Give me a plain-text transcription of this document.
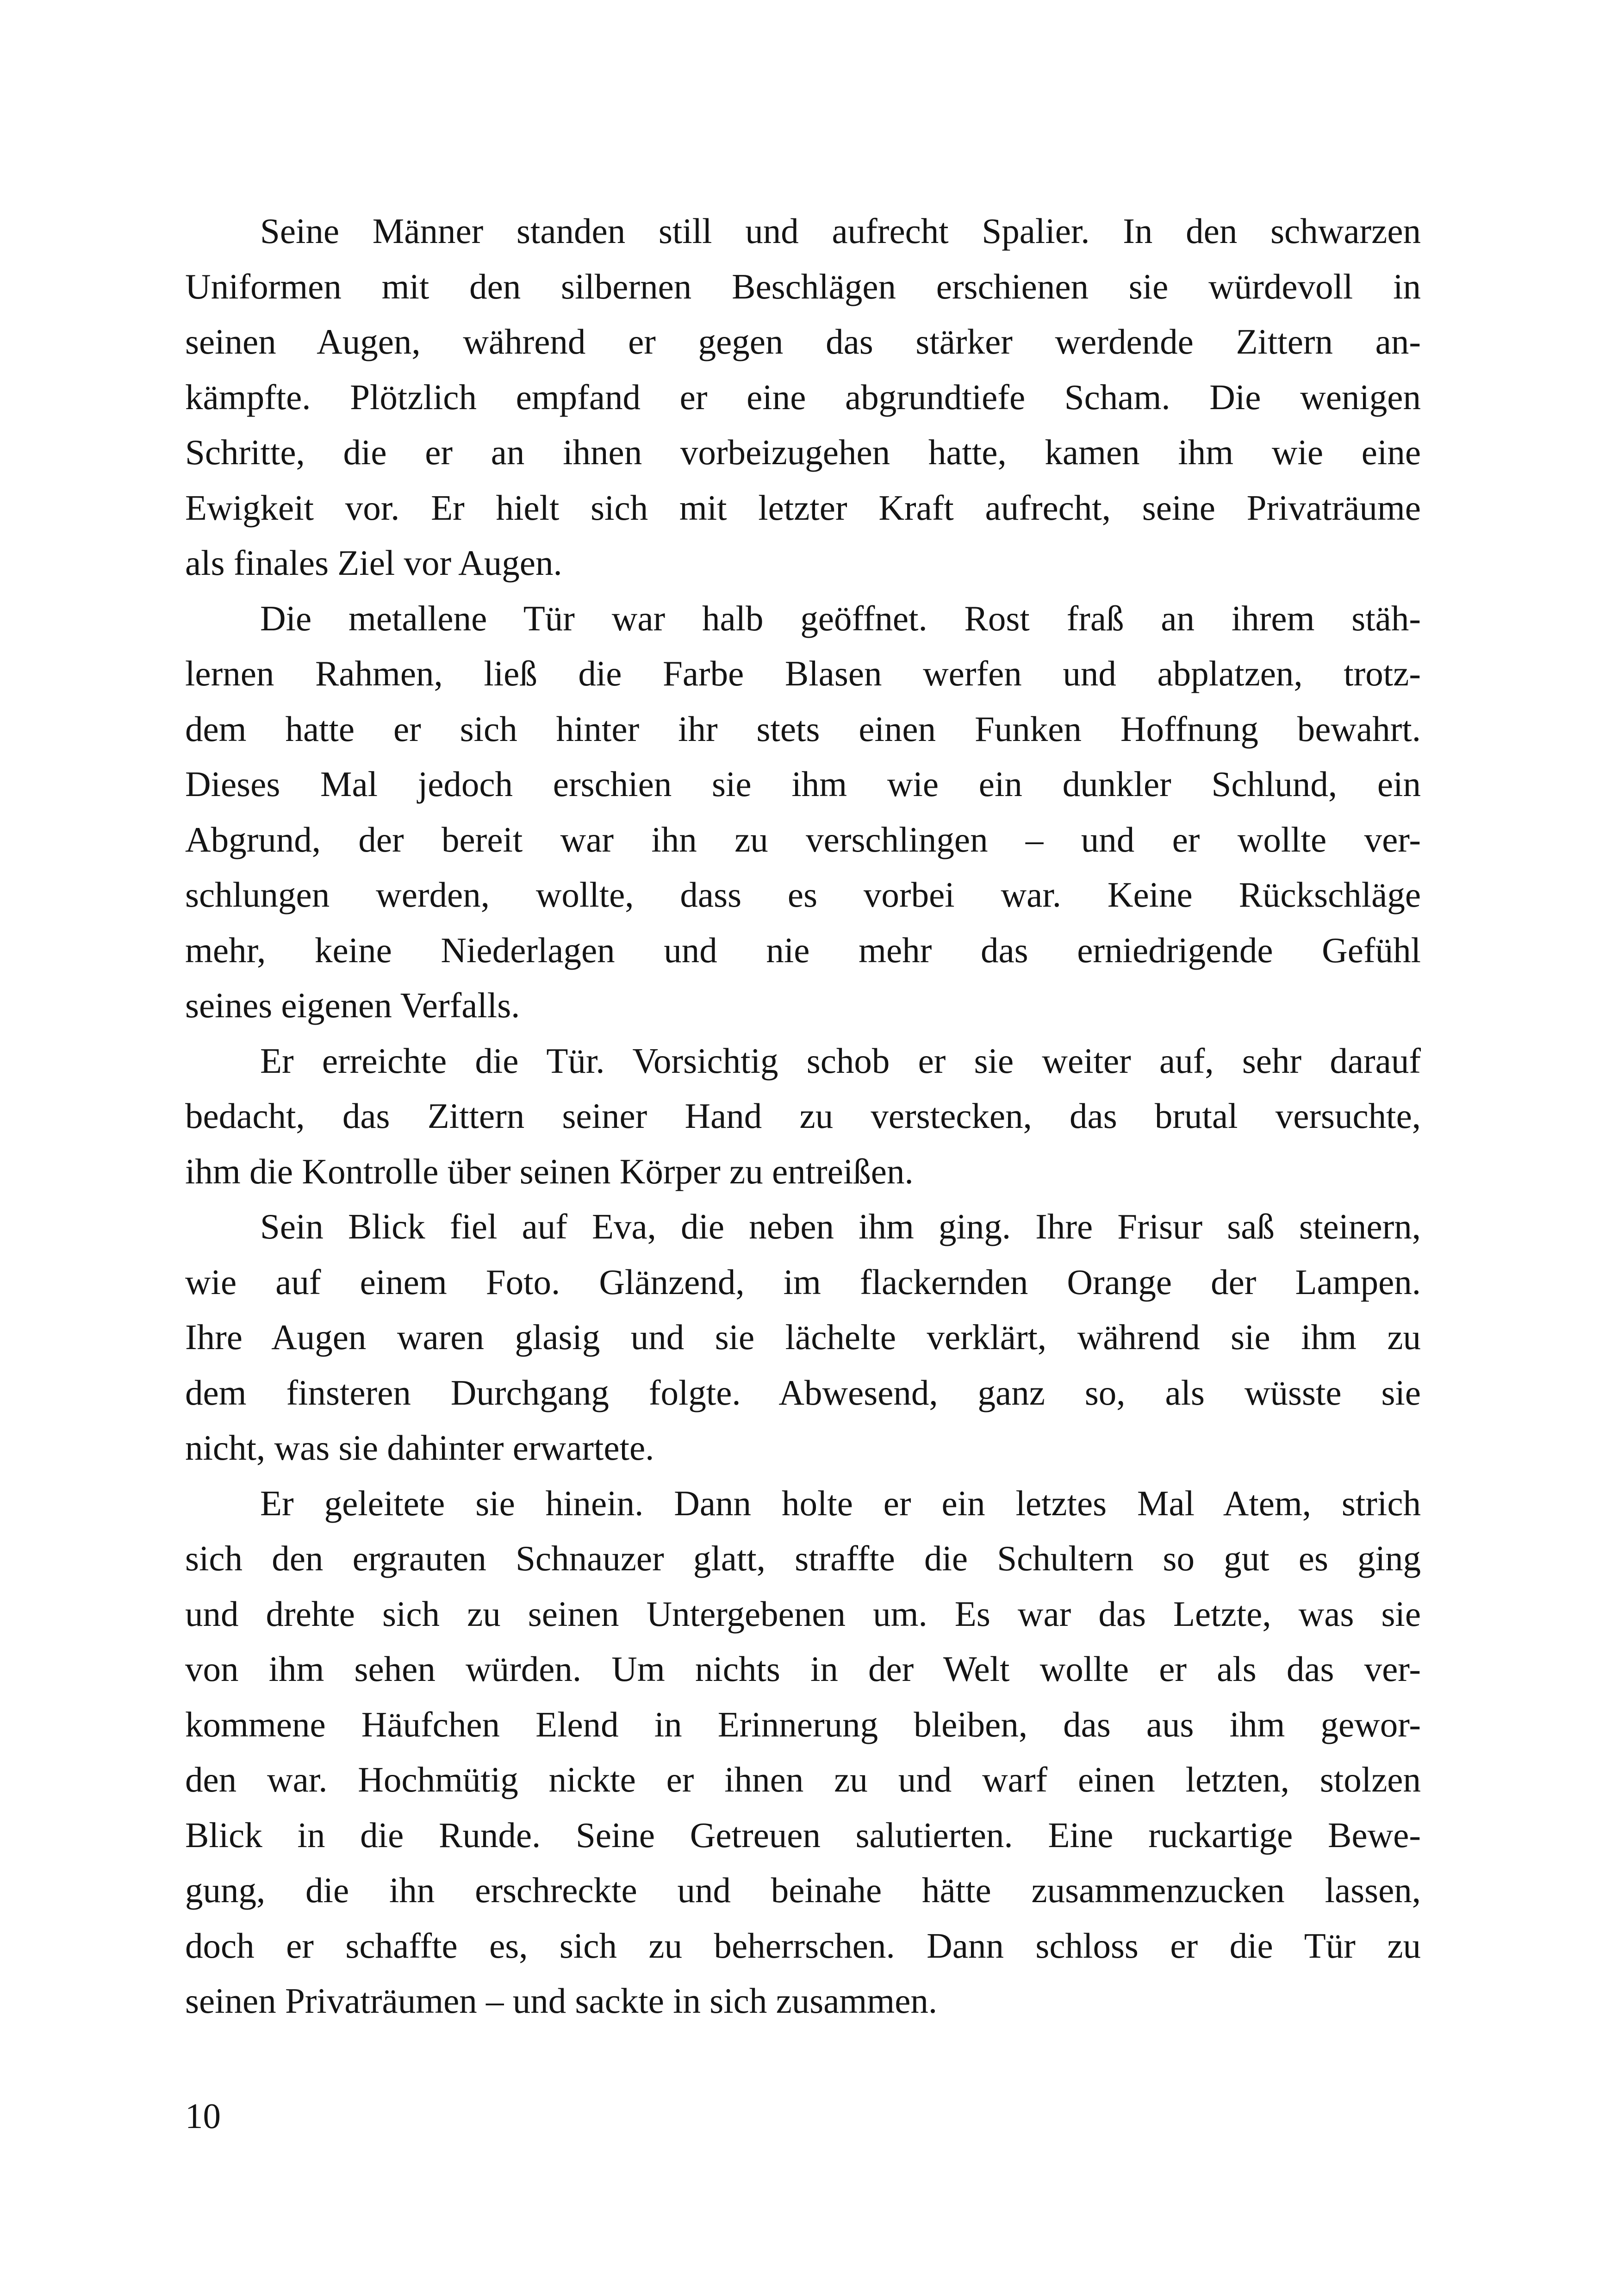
Seine Männer standen still und aufrecht Spalier. In den schwarzen
Uniformen mit den silbernen Beschlägen erschienen sie würdevoll in
seinen Augen, während er gegen das stärker werdende Zittern an-
kämpfte. Plötzlich empfand er eine abgrundtiefe Scham. Die wenigen
Schritte, die er an ihnen vorbeizugehen hatte, kamen ihm wie eine
Ewigkeit vor. Er hielt sich mit letzter Kraft aufrecht, seine Privaträume
als finales Ziel vor Augen.
Die metallene Tür war halb geöffnet. Rost fraß an ihrem stäh-
lernen Rahmen, ließ die Farbe Blasen werfen und abplatzen, trotz-
dem hatte er sich hinter ihr stets einen Funken Hoffnung bewahrt.
Dieses Mal jedoch erschien sie ihm wie ein dunkler Schlund, ein
Abgrund, der bereit war ihn zu verschlingen – und er wollte ver-
schlungen werden, wollte, dass es vorbei war. Keine Rückschläge
mehr, keine Niederlagen und nie mehr das erniedrigende Gefühl
seines eigenen Verfalls.
Er erreichte die Tür. Vorsichtig schob er sie weiter auf, sehr darauf
bedacht, das Zittern seiner Hand zu verstecken, das brutal versuchte,
ihm die Kontrolle über seinen Körper zu entreißen.
Sein Blick fiel auf Eva, die neben ihm ging. Ihre Frisur saß steinern,
wie auf einem Foto. Glänzend, im flackernden Orange der Lampen.
Ihre Augen waren glasig und sie lächelte verklärt, während sie ihm zu
dem finsteren Durchgang folgte. Abwesend, ganz so, als wüsste sie
nicht, was sie dahinter erwartete.
Er geleitete sie hinein. Dann holte er ein letztes Mal Atem, strich
sich den ergrauten Schnauzer glatt, straffte die Schultern so gut es ging
und drehte sich zu seinen Untergebenen um. Es war das Letzte, was sie
von ihm sehen würden. Um nichts in der Welt wollte er als das ver-
kommene Häufchen Elend in Erinnerung bleiben, das aus ihm gewor-
den war. Hochmütig nickte er ihnen zu und warf einen letzten, stolzen
Blick in die Runde. Seine Getreuen salutierten. Eine ruckartige Bewe-
gung, die ihn erschreckte und beinahe hätte zusammenzucken lassen,
doch er schaffte es, sich zu beherrschen. Dann schloss er die Tür zu
seinen Privaträumen – und sackte in sich zusammen.
10
